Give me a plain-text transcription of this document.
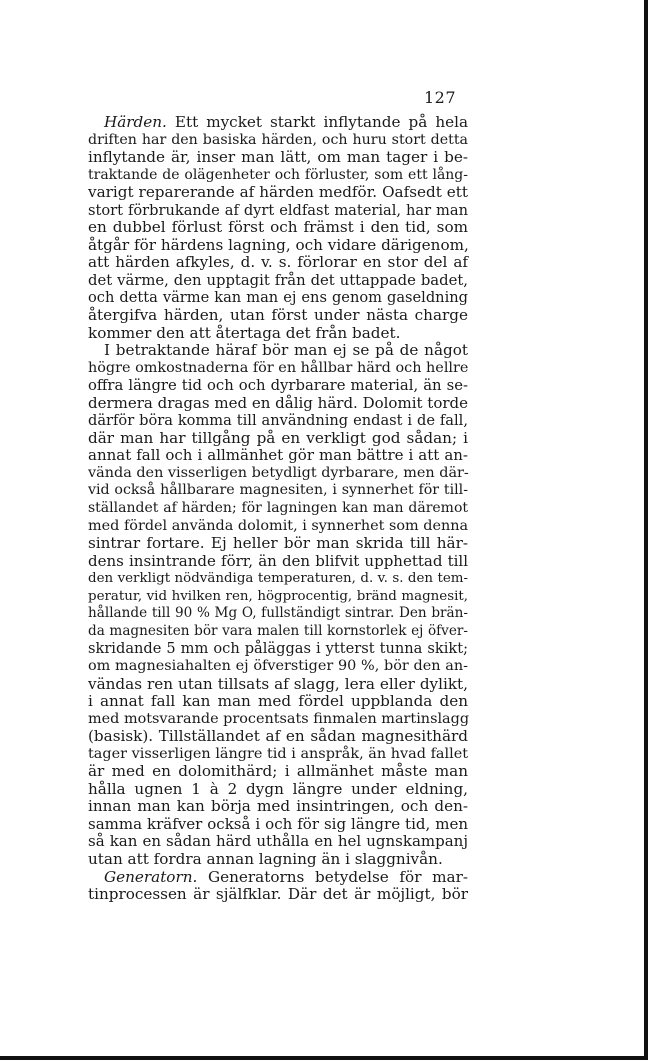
127
Härden. Ett mycket starkt inflytande på hela
driften har den basiska härden, och huru stort detta
inflytande är, inser man lätt, om man tager i be-
traktande de olägenheter och förluster, som ett lång-
varigt reparerande af härden medför. Oafsedt ett
stort förbrukande af dyrt eldfast material, har man
en dubbel förlust först och främst i den tid, som
åtgår för härdens lagning, och vidare därigenom,
att härden afkyles, d. v. s. förlorar en stor del af
det värme, den upptagit från det uttappade badet,
och detta värme kan man ej ens genom gaseldning
återgifva härden, utan först under nästa charge
kommer den att återtaga det från badet.
I betraktande häraf bör man ej se på de något
högre omkostnaderna för en hållbar härd och hellre
offra längre tid och och dyrbarare material, än se-
dermera dragas med en dålig härd. Dolomit torde
därför böra komma till användning endast i de fall,
där man har tillgång på en verkligt god sådan; i
annat fall och i allmänhet gör man bättre i att an-
vända den visserligen betydligt dyrbarare, men där-
vid också hållbarare magnesiten, i synnerhet för till-
ställandet af härden; för lagningen kan man däremot
med fördel använda dolomit, i synnerhet som denna
sintrar fortare. Ej heller bör man skrida till här-
dens insintrande förr, än den blifvit upphettad till
den verkligt nödvändiga temperaturen, d. v. s. den tem-
peratur, vid hvilken ren, högprocentig, bränd magnesit,
hållande till 90 % Mg O, fullständigt sintrar. Den brän-
da magnesiten bör vara malen till kornstorlek ej öfver-
skridande 5 mm och påläggas i ytterst tunna skikt;
om magnesiahalten ej öfverstiger 90 %, bör den an-
vändas ren utan tillsats af slagg, lera eller dylikt,
i annat fall kan man med fördel uppblanda den
med motsvarande procentsats finmalen martinslagg
(basisk). Tillställandet af en sådan magnesithärd
tager visserligen längre tid i anspråk, än hvad fallet
är med en dolomithärd; i allmänhet måste man
hålla ugnen 1 à 2 dygn längre under eldning,
innan man kan börja med insintringen, och den-
samma kräfver också i och för sig längre tid, men
så kan en sådan härd uthålla en hel ugnskampanj
utan att fordra annan lagning än i slaggnivån.
Generatorn. Generatorns betydelse för mar-
tinprocessen är själfklar. Där det är möjligt, bör
